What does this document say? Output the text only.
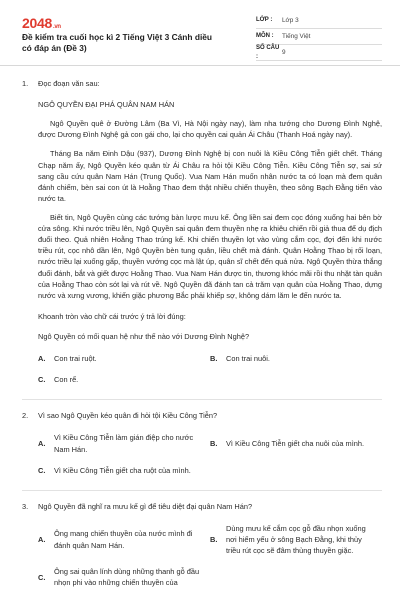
2048.vn
Đề kiểm tra cuối học kì 2 Tiếng Việt 3 Cánh diều có đáp án (Đề 3)
LỚP :	Lớp 3
MÔN :	Tiếng Việt
SỐ CÂU :
9
1. Đọc đoạn văn sau:
NGÔ QUYỀN ĐẠI PHÁ QUÂN NAM HÁN

Ngô Quyền quê ở Đường Lâm (Ba Vì, Hà Nội ngày nay), làm nha tướng cho Dương Đình Nghệ, được Dương Đình Nghệ gả con gái cho, lại cho quyền cai quản Ái Châu (Thanh Hoá ngày nay).

Tháng Ba năm Đinh Dậu (937), Dương Đình Nghệ bị con nuôi là Kiều Công Tiễn giết chết. Tháng Chạp năm ấy, Ngô Quyền kéo quân từ Ái Châu ra hỏi tội Kiều Công Tiễn. Kiều Công Tiễn sợ, sai sứ sang cầu cứu quân Nam Hán (Trung Quốc). Vua Nam Hán muốn nhân nước ta có loạn mà đem quân đánh chiếm, bèn sai con út là Hoằng Thao đem thật nhiều chiến thuyền, theo sông Bạch Đằng tiến vào nước ta.

Biết tin, Ngô Quyền cùng các tướng bàn lược mưu kế. Ông liền sai đem cọc đóng xuống hai bên bờ cửa sông. Khi nước triều lên, Ngô Quyền sai quân đem thuyền nhẹ ra khiêu chiến rồi giả thua để dụ địch đuổi theo. Quả nhiên Hoằng Thao trúng kế. Khi chiến thuyền lọt vào vùng cắm cọc, đợi đến khi nước triều rút, cọc nhô dần lên, Ngô Quyền bèn tung quân, liều chết mà đánh. Quân Hoằng Thao bị rối loạn, nước triều lại xuống gấp, thuyền vướng cọc mà lật úp, quân sĩ chết đến quá nửa. Ngô Quyền thừa thắng đuổi đánh, bắt và giết được Hoằng Thao. Vua Nam Hán được tin, thương khóc mãi rồi thu nhặt tàn quân của Hoằng Thao còn sót lại và rút về. Ngô Quyền đã đánh tan cả trăm vạn quân của Hoằng Thao, dựng nước và xưng vương, khiến giặc phương Bắc phải khiếp sợ, không dám lăm le đến nước ta.

Khoanh tròn vào chữ cái trước ý trả lời đúng:
Ngô Quyền có mối quan hệ như thế nào với Dương Đình Nghệ?
A.	Con trai ruột.	B.	Con trai nuôi.
C.	Con rể.
2. Vì sao Ngô Quyền kéo quân đi hỏi tội Kiều Công Tiễn?
A.
Vì Kiều Công Tiễn làm gián điệp cho nước Nam Hán.
B.	Vì Kiều Công Tiễn giết cha nuôi của mình.
C.	Vì Kiều Công Tiễn giết cha ruột của mình.
3. Ngô Quyền đã nghĩ ra mưu kế gì để tiêu diệt đại quân Nam Hán?
A.
Ông mang chiến thuyền của nước mình đi đánh quân Nam Hán.
B.
Dùng mưu kế cắm cọc gỗ đầu nhọn xuống nơi hiểm yếu ở sông Bạch Đằng, khi thủy triều rút cọc sẽ đâm thủng thuyền giặc.
C.
Ông sai quân lính dùng những thanh gỗ đầu nhọn phi vào những chiến thuyền của
